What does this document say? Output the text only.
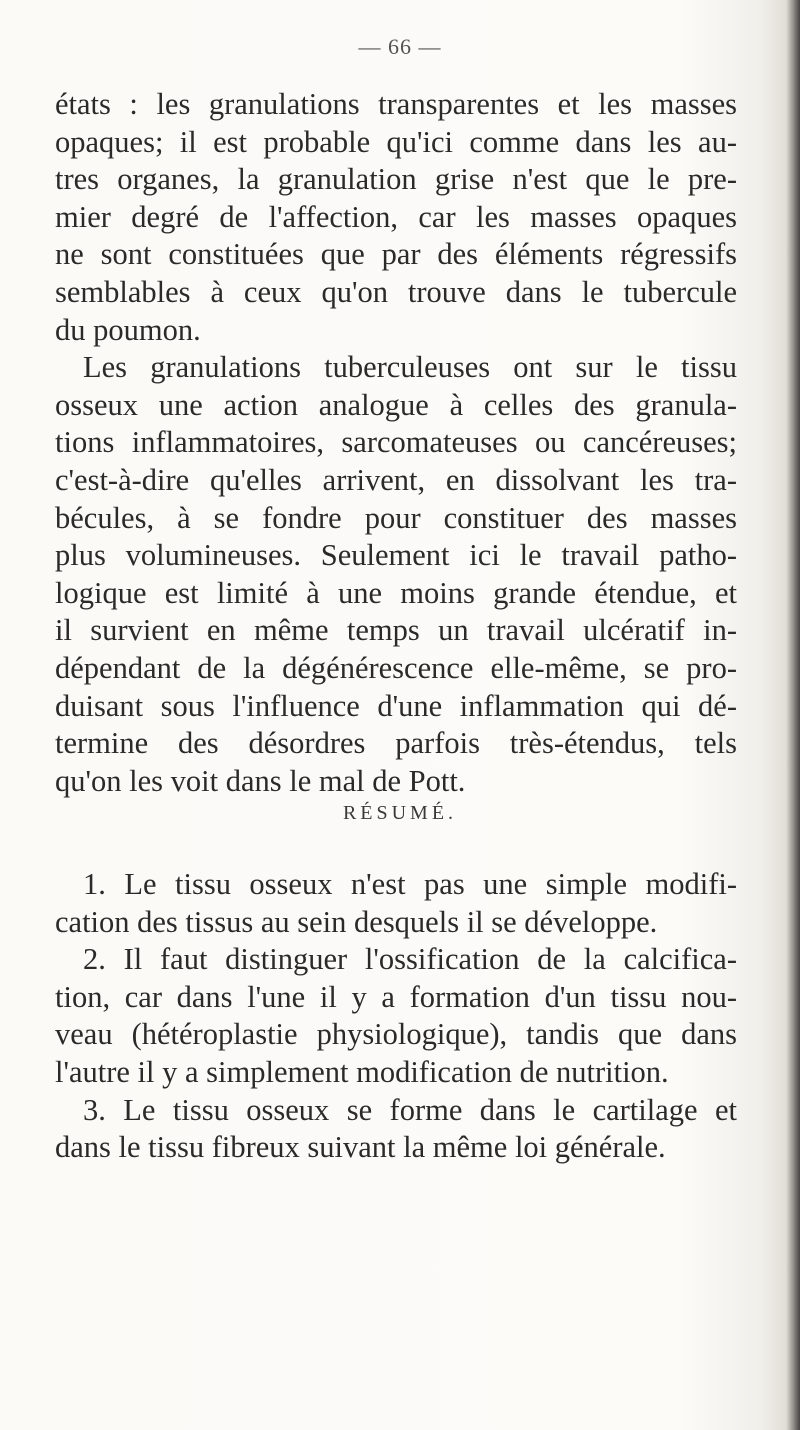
— 66 —
états : les granulations transparentes et les masses
opaques; il est probable qu'ici comme dans les au-
tres organes, la granulation grise n'est que le pre-
mier degré de l'affection, car les masses opaques
ne sont constituées que par des éléments régressifs
semblables à ceux qu'on trouve dans le tubercule
du poumon.
Les granulations tuberculeuses ont sur le tissu
osseux une action analogue à celles des granula-
tions inflammatoires, sarcomateuses ou cancéreuses;
c'est-à-dire qu'elles arrivent, en dissolvant les tra-
bécules, à se fondre pour constituer des masses
plus volumineuses. Seulement ici le travail patho-
logique est limité à une moins grande étendue, et
il survient en même temps un travail ulcératif in-
dépendant de la dégénérescence elle-même, se pro-
duisant sous l'influence d'une inflammation qui dé-
termine des désordres parfois très-étendus, tels
qu'on les voit dans le mal de Pott.
RÉSUMÉ.
1. Le tissu osseux n'est pas une simple modifi-
cation des tissus au sein desquels il se développe.
2. Il faut distinguer l'ossification de la calcifica-
tion, car dans l'une il y a formation d'un tissu nou-
veau (hétéroplastie physiologique), tandis que dans
l'autre il y a simplement modification de nutrition.
3. Le tissu osseux se forme dans le cartilage et
dans le tissu fibreux suivant la même loi générale.
